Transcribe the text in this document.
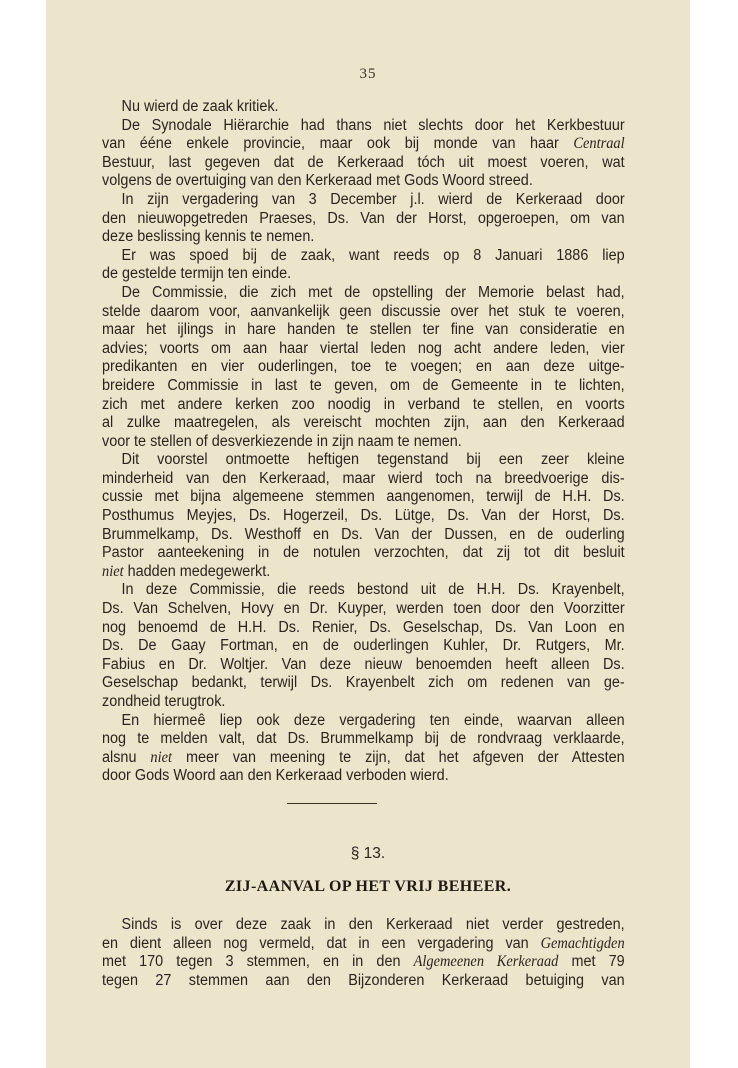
35

Nu wierd de zaak kritiek.

De Synodale Hiërarchie had thans niet slechts door het Kerkbestuur
van ééne enkele provincie, maar ook bij monde van haar Centraal
Bestuur, last gegeven dat de Kerkeraad tóch uit moest voeren, wat
volgens de overtuiging van den Kerkeraad met Gods Woord streed.

In zijn vergadering van 3 December j.l. wierd de Kerkeraad door
den nieuwopgetreden Praeses, Ds. Van der Horst, opgeroepen, om van
deze beslissing kennis te nemen.

Er was spoed bij de zaak, want reeds op 8 Januari 1886 liep
de gestelde termijn ten einde.

De Commissie, die zich met de opstelling der Memorie belast had,
stelde daarom voor, aanvankelijk geen discussie over het stuk te voeren,
maar het ijlings in hare handen te stellen ter fine van consideratie en
advies; voorts om aan haar viertal leden nog acht andere leden, vier
predikanten en vier ouderlingen, toe te voegen; en aan deze uitge-
breidere Commissie in last te geven, om de Gemeente in te lichten,
zich met andere kerken zoo noodig in verband te stellen, en voorts
al zulke maatregelen, als vereischt mochten zijn, aan den Kerkeraad
voor te stellen of desverkiezende in zijn naam te nemen.

Dit voorstel ontmoette heftigen tegenstand bij een zeer kleine
minderheid van den Kerkeraad, maar wierd toch na breedvoerige dis-
cussie met bijna algemeene stemmen aangenomen, terwijl de H.H. Ds.
Posthumus Meyjes, Ds. Hogerzeil, Ds. Lütge, Ds. Van der Horst, Ds.
Brummelkamp, Ds. Westhoff en Ds. Van der Dussen, en de ouderling
Pastor aanteekening in de notulen verzochten, dat zij tot dit besluit
niet hadden medegewerkt.

In deze Commissie, die reeds bestond uit de H.H. Ds. Krayenbelt,
Ds. Van Schelven, Hovy en Dr. Kuyper, werden toen door den Voorzitter
nog benoemd de H.H. Ds. Renier, Ds. Geselschap, Ds. Van Loon en
Ds. De Gaay Fortman, en de ouderlingen Kuhler, Dr. Rutgers, Mr.
Fabius en Dr. Woltjer. Van deze nieuw benoemden heeft alleen Ds.
Geselschap bedankt, terwijl Ds. Krayenbelt zich om redenen van ge-
zondheid terugtrok.

En hiermeê liep ook deze vergadering ten einde, waarvan alleen
nog te melden valt, dat Ds. Brummelkamp bij de rondvraag verklaarde,
alsnu niet meer van meening te zijn, dat het afgeven der Attesten
door Gods Woord aan den Kerkeraad verboden wierd.

§ 13.
ZIJ-AANVAL OP HET VRIJ BEHEER.
Sinds is over deze zaak in den Kerkeraad niet verder gestreden,
en dient alleen nog vermeld, dat in een vergadering van Gemachtigden
met 170 tegen 3 stemmen, en in den Algemeenen Kerkeraad met 79
tegen 27 stemmen aan den Bijzonderen Kerkeraad betuiging van
